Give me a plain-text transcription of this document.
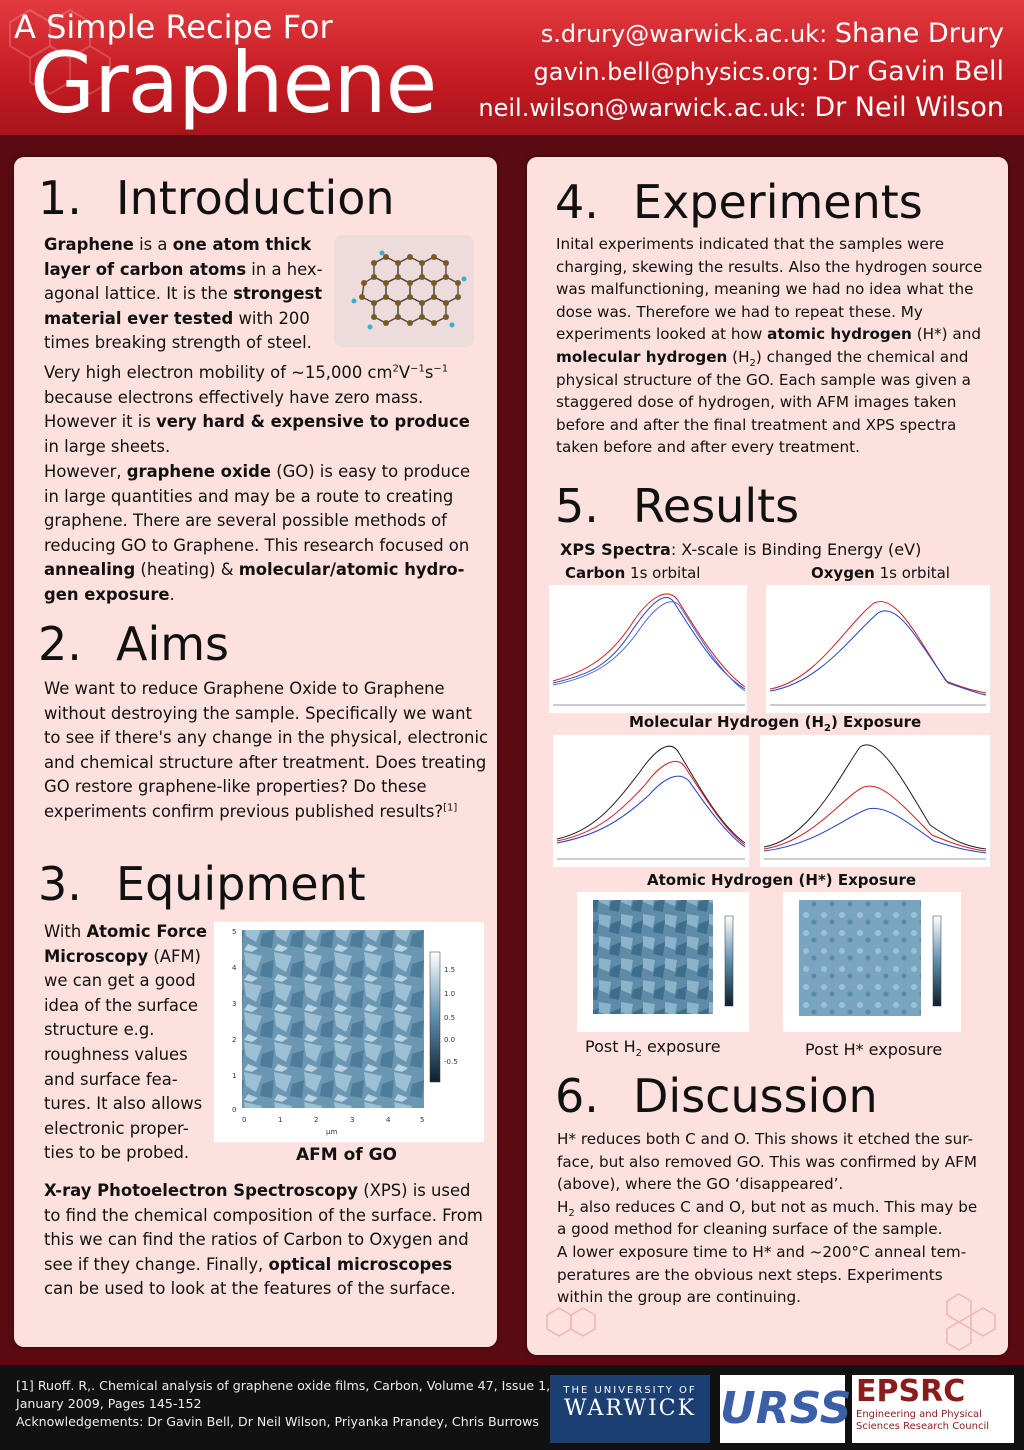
A Simple Recipe For
Graphene	s.drury@warwick.ac.uk: Shane Drury
gavin.bell@physics.org: Dr Gavin Bell
neil.wilson@warwick.ac.uk: Dr Neil Wilson
1. Introduction
Graphene is a one atom thick layer of carbon atoms in a hex-agonal lattice. It is the strongest material ever tested with 200 times breaking strength of steel.
Very high electron mobility of ~15,000 $cm^2V^{-1}s^{-1}$ because electrons effectively have zero mass. However it is very hard & expensive to produce in large sheets.
However, graphene oxide (GO) is easy to produce in large quantities and may be a route to creating graphene. There are several possible methods of reducing GO to Graphene. This research focused on annealing (heating) & molecular/atomic hydro-gen exposure.
2. Aims
We want to reduce Graphene Oxide to Graphene without destroying the sample. Specifically we want to see if there's any change in the physical, electronic and chemical structure after treatment. Does treating GO restore graphene-like properties? Do these experiments confirm previous published results?[1]
3. Equipment
With Atomic Force Microscopy (AFM) we can get a good idea of the surface structure e.g. roughness values and surface fea-tures. It also allows electronic proper-ties to be probed.
1.5
1.0
0.5
0.0
-0.5
5
4
3
2
1
0
0	1	2	3	4	5
μm
AFM of GO
X-ray Photoelectron Spectroscopy (XPS) is used to find the chemical composition of the surface. From this we can find the ratios of Carbon to Oxygen and see if they change. Finally, optical microscopes can be used to look at the features of the surface.
4. Experiments
Inital experiments indicated that the samples were charging, skewing the results. Also the hydrogen source was malfunctioning, meaning we had no idea what the dose was. Therefore we had to repeat these. My experiments looked at how atomic hydrogen (H*) and molecular hydrogen $(H_2)$ changed the chemical and physical structure of the GO. Each sample was given a staggered dose of hydrogen, with AFM images taken before and after the final treatment and XPS spectra taken before and after every treatment.
5. Results
XPS Spectra: X-scale is Binding Energy (eV)
Carbon 1s orbital	Oxygen 1s orbital
Molecular Hydrogen $(H_2)$ Exposure
Atomic Hydrogen (H*) Exposure
Post $H_2$ exposure	Post H* exposure
6. Discussion
H* reduces both C and O. This shows it etched the sur-face, but also removed GO. This was confirmed by AFM (above), where the GO ‘disappeared’.
$H_2$ also reduces C and O, but not as much. This may be a good method for cleaning surface of the sample.
A lower exposure time to H* and ~200°C anneal tem-peratures are the obvious next steps. Experiments within the group are continuing.
[1] Ruoff. R,. Chemical analysis of graphene oxide films, Carbon, Volume 47, Issue 1, January 2009, Pages 145-152
Acknowledgements: Dr Gavin Bell, Dr Neil Wilson, Priyanka Prandey, Chris Burrows
THE UNIVERSITY OF
WARWICK URSS EPSRC
Engineering and Physical Sciences Research Council
